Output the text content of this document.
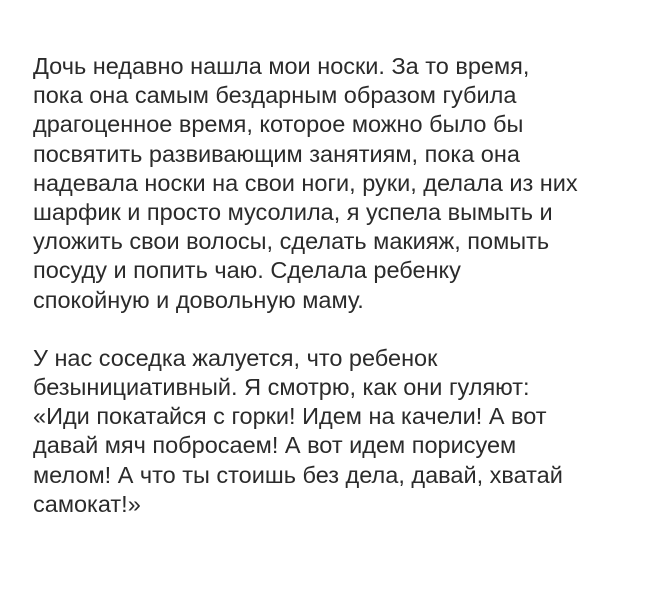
Дочь недавно нашла мои носки. За то время,
пока она самым бездарным образом губила
драгоценное время, которое можно было бы
посвятить развивающим занятиям, пока она
надевала носки на свои ноги, руки, делала из них
шарфик и просто мусолила, я успела вымыть и
уложить свои волосы, сделать макияж, помыть
посуду и попить чаю. Сделала ребенку
спокойную и довольную маму.

У нас соседка жалуется, что ребенок
безынициативный. Я смотрю, как они гуляют:
«Иди покатайся с горки! Идем на качели! А вот
давай мяч побросаем! А вот идем порисуем
мелом! А что ты стоишь без дела, давай, хватай
самокат!»
